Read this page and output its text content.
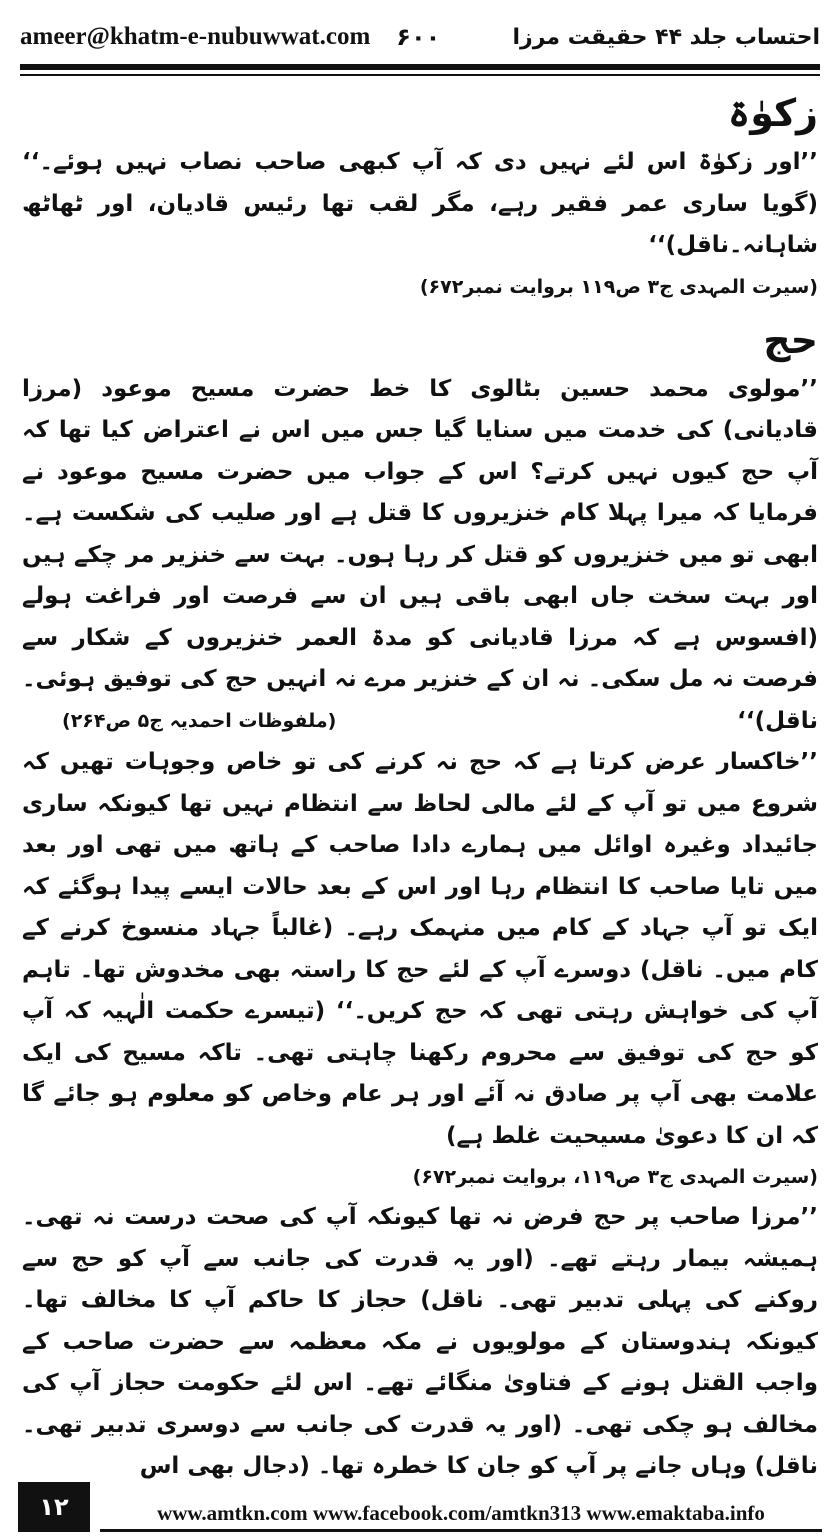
ameer@khatm-e-nubuwwat.com ۶۰۰	احتساب جلد ۴۴ حقیقت مرزا
زکوٰۃ

’’اور زکوٰۃ اس لئے نہیں دی کہ آپ کبھی صاحب نصاب نہیں ہوئے۔‘‘ (گویا ساری عمر فقیر رہے، مگر لقب تھا رئیس قادیان، اور ٹھاٹھ شاہانہ۔ناقل)‘‘

(سیرت المہدی ج۳ ص۱۱۹ بروایت نمبر۶۷۲)

حج

’’مولوی محمد حسین بٹالوی کا خط حضرت مسیح موعود (مرزا قادیانی) کی خدمت میں سنایا گیا جس میں اس نے اعتراض کیا تھا کہ آپ حج کیوں نہیں کرتے؟ اس کے جواب میں حضرت مسیح موعود نے فرمایا کہ میرا پہلا کام خنزیروں کا قتل ہے اور صلیب کی شکست ہے۔ ابھی تو میں خنزیروں کو قتل کر رہا ہوں۔ بہت سے خنزیر مر چکے ہیں اور بہت سخت جاں ابھی باقی ہیں ان سے فرصت اور فراغت ہولے (افسوس ہے کہ مرزا قادیانی کو مدۃ العمر خنزیروں کے شکار سے فرصت نہ مل سکی۔ نہ ان کے خنزیر مرے نہ انہیں حج کی توفیق ہوئی۔ ناقل)‘‘
(ملفوظات احمدیہ ج۵ ص۲۶۴)

’’خاکسار عرض کرتا ہے کہ حج نہ کرنے کی تو خاص وجوہات تھیں کہ شروع میں تو آپ کے لئے مالی لحاظ سے انتظام نہیں تھا کیونکہ ساری جائیداد وغیرہ اوائل میں ہمارے دادا صاحب کے ہاتھ میں تھی اور بعد میں تایا صاحب کا انتظام رہا اور اس کے بعد حالات ایسے پیدا ہوگئے کہ ایک تو آپ جہاد کے کام میں منہمک رہے۔ (غالباً جہاد منسوخ کرنے کے کام میں۔ ناقل) دوسرے آپ کے لئے حج کا راستہ بھی مخدوش تھا۔ تاہم آپ کی خواہش رہتی تھی کہ حج کریں۔‘‘ (تیسرے حکمت الٰہیہ کہ آپ کو حج کی توفیق سے محروم رکھنا چاہتی تھی۔ تاکہ مسیح کی ایک علامت بھی آپ پر صادق نہ آئے اور ہر عام وخاص کو معلوم ہو جائے گا کہ ان کا دعویٰ مسیحیت غلط ہے)

(سیرت المہدی ج۳ ص۱۱۹، بروایت نمبر۶۷۲)

’’مرزا صاحب پر حج فرض نہ تھا کیونکہ آپ کی صحت درست نہ تھی۔ ہمیشہ بیمار رہتے تھے۔ (اور یہ قدرت کی جانب سے آپ کو حج سے روکنے کی پہلی تدبیر تھی۔ ناقل) حجاز کا حاکم آپ کا مخالف تھا۔ کیونکہ ہندوستان کے مولویوں نے مکہ معظمہ سے حضرت صاحب کے واجب القتل ہونے کے فتاویٰ منگائے تھے۔ اس لئے حکومت حجاز آپ کی مخالف ہو چکی تھی۔ (اور یہ قدرت کی جانب سے دوسری تدبیر تھی۔ ناقل) وہاں جانے پر آپ کو جان کا خطرہ تھا۔ (دجال بھی اس

۱۲	www.amtkn.com www.facebook.com/amtkn313 www.emaktaba.info
